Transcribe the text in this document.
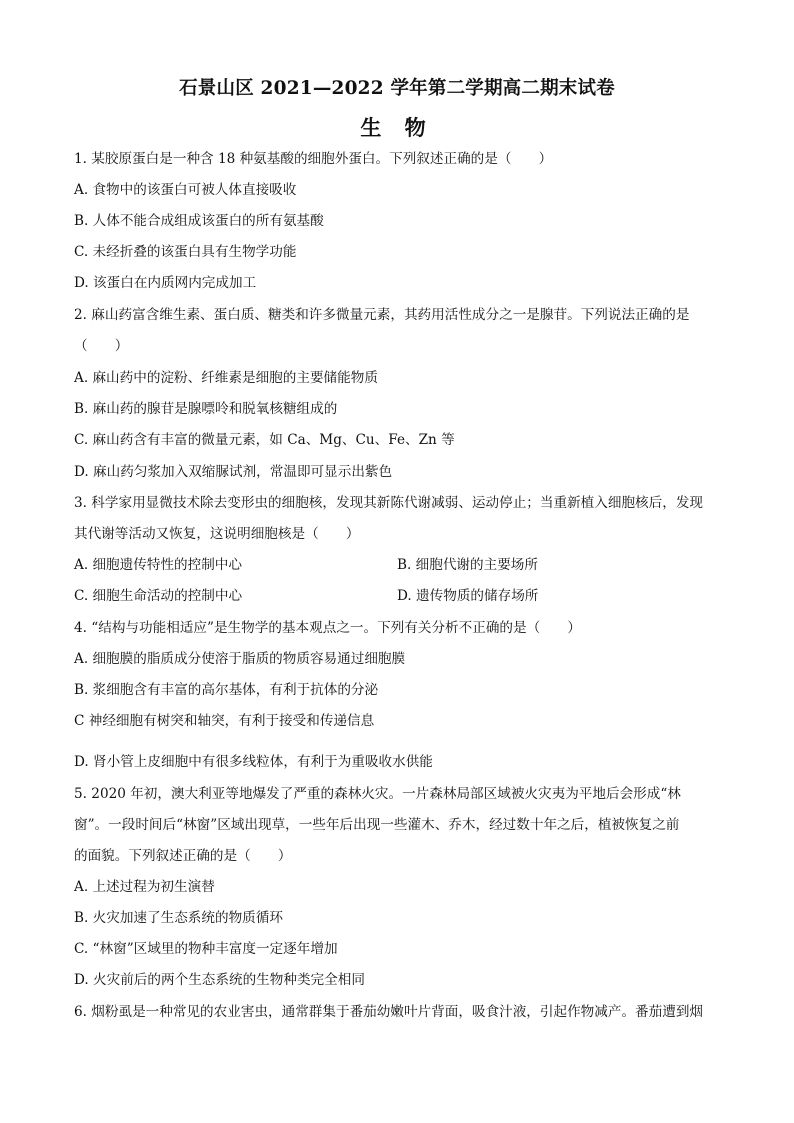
石景山区 2021—2022 学年第二学期高二期末试卷
生 物
1. 某胶原蛋白是一种含 18 种氨基酸的细胞外蛋白。下列叙述正确的是（　　）
A. 食物中的该蛋白可被人体直接吸收
B. 人体不能合成组成该蛋白的所有氨基酸
C. 未经折叠的该蛋白具有生物学功能
D. 该蛋白在内质网内完成加工
2. 麻山药富含维生素、蛋白质、糖类和许多微量元素，其药用活性成分之一是腺苷。下列说法正确的是
（　　）
A. 麻山药中的淀粉、纤维素是细胞的主要储能物质
B. 麻山药的腺苷是腺嘌呤和脱氧核糖组成的
C. 麻山药含有丰富的微量元素，如 Ca、Mg、Cu、Fe、Zn 等
D. 麻山药匀浆加入双缩脲试剂，常温即可显示出紫色
3. 科学家用显微技术除去变形虫的细胞核，发现其新陈代谢减弱、运动停止；当重新植入细胞核后，发现
其代谢等活动又恢复，这说明细胞核是（　　）
A. 细胞遗传特性的控制中心	B. 细胞代谢的主要场所
C. 细胞生命活动的控制中心	D. 遗传物质的储存场所
4. “结构与功能相适应”是生物学的基本观点之一。下列有关分析不正确的是（　　）
A. 细胞膜的脂质成分使溶于脂质的物质容易通过细胞膜
B. 浆细胞含有丰富的高尔基体，有利于抗体的分泌
C 神经细胞有树突和轴突，有利于接受和传递信息
D. 肾小管上皮细胞中有很多线粒体，有利于为重吸收水供能
5. 2020 年初，澳大利亚等地爆发了严重的森林火灾。一片森林局部区域被火灾夷为平地后会形成“林
窗”。一段时间后“林窗”区域出现草，一些年后出现一些灌木、乔木，经过数十年之后，植被恢复之前
的面貌。下列叙述正确的是（　　）
A. 上述过程为初生演替
B. 火灾加速了生态系统的物质循环
C. “林窗”区域里的物种丰富度一定逐年增加
D. 火灾前后的两个生态系统的生物种类完全相同
6. 烟粉虱是一种常见的农业害虫，通常群集于番茄幼嫩叶片背面，吸食汁液，引起作物减产。番茄遭到烟
